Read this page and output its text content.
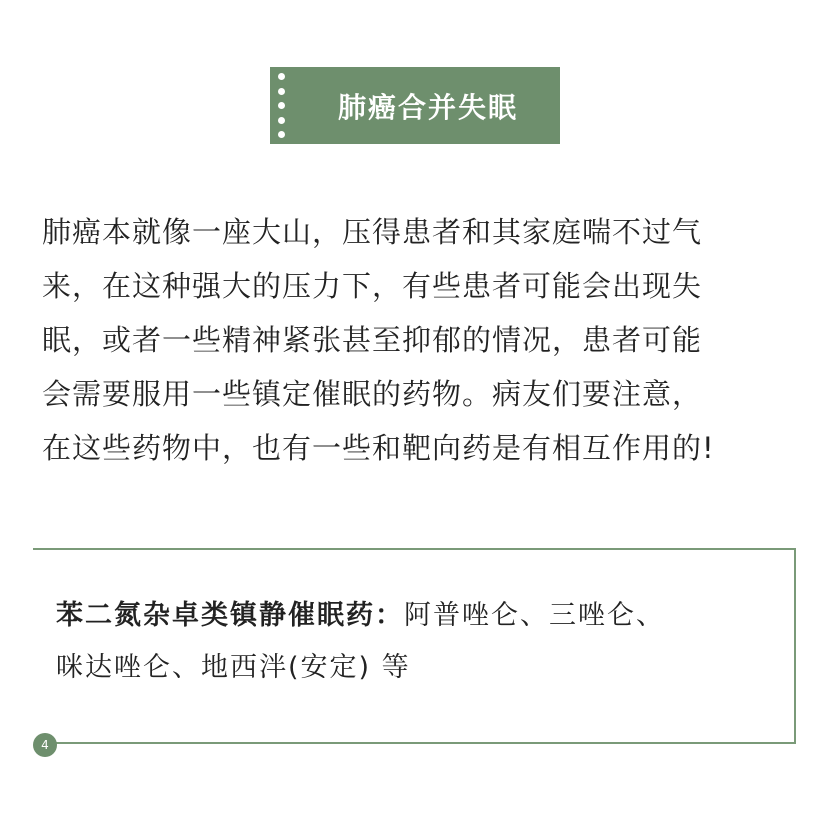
肺癌合并失眠
肺癌本就像一座大山，压得患者和其家庭喘不过气
来，在这种强大的压力下，有些患者可能会出现失
眠，或者一些精神紧张甚至抑郁的情况，患者可能
会需要服用一些镇定催眠的药物。病友们要注意，
在这些药物中，也有一些和靶向药是有相互作用的!
苯二氮杂卓类镇静催眠药：阿普唑仑、三唑仑、
咪达唑仑、地西泮(安定) 等
4
